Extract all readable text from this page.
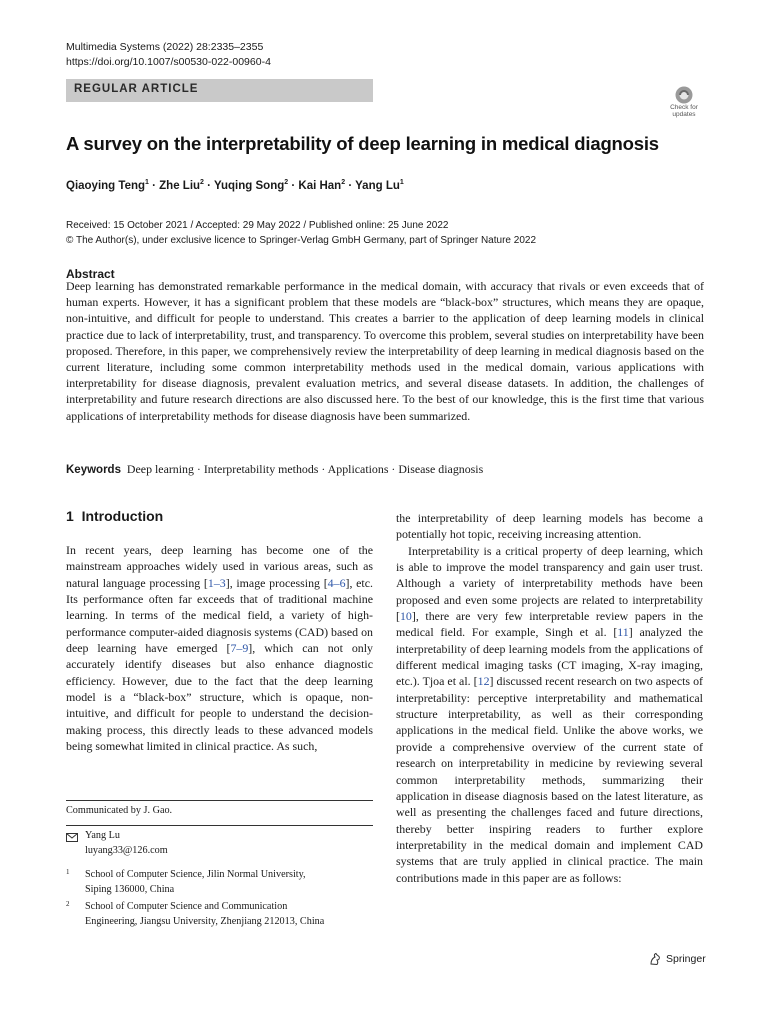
Multimedia Systems (2022) 28:2335–2355
https://doi.org/10.1007/s00530-022-00960-4
REGULAR ARTICLE
Check for
updates
A survey on the interpretability of deep learning in medical diagnosis
Qiaoying Teng$^1$ · Zhe Liu$^2$ · Yuqing Song$^2$ · Kai Han$^2$ · Yang Lu$^1$
Received: 15 October 2021 / Accepted: 29 May 2022 / Published online: 25 June 2022
© The Author(s), under exclusive licence to Springer-Verlag GmbH Germany, part of Springer Nature 2022
Abstract
Deep learning has demonstrated remarkable performance in the medical domain, with accuracy that rivals or even exceeds that of human experts. However, it has a significant problem that these models are “black-box” structures, which means they are opaque, non-intuitive, and difficult for people to understand. This creates a barrier to the application of deep learning models in clinical practice due to lack of interpretability, trust, and transparency. To overcome this problem, several studies on interpretability have been proposed. Therefore, in this paper, we comprehensively review the interpretability of deep learning in medical diagnosis based on the current literature, including some common interpretability methods used in the medical domain, various applications with interpretability for disease diagnosis, prevalent evaluation metrics, and several disease datasets. In addition, the challenges of interpretability and future research directions are also discussed here. To the best of our knowledge, this is the first time that various applications of interpretability methods for disease diagnosis have been summarized.
Keywords Deep learning · Interpretability methods · Applications · Disease diagnosis
1 Introduction

In recent years, deep learning has become one of the mainstream approaches widely used in various areas, such as natural language processing [1–3], image processing [4–6], etc. Its performance often far exceeds that of traditional machine learning. In terms of the medical field, a variety of high-performance computer-aided diagnosis systems (CAD) based on deep learning have emerged [7–9], which can not only accurately identify diseases but also enhance diagnostic efficiency. However, due to the fact that the deep learning model is a “black-box” structure, which is opaque, non-intuitive, and difficult for people to understand the decision-making process, this directly leads to these advanced models being somewhat limited in clinical practice. As such,

Communicated by J. Gao.
Yang Lu
luyang33@126.com
1 School of Computer Science, Jilin Normal University,
Siping 136000, China
2 School of Computer Science and Communication
Engineering, Jiangsu University, Zhenjiang 212013, China

the interpretability of deep learning models has become a potentially hot topic, receiving increasing attention.

Interpretability is a critical property of deep learning, which is able to improve the model transparency and gain user trust. Although a variety of interpretability methods have been proposed and even some projects are related to interpretability [10], there are very few interpretable review papers in the medical field. For example, Singh et al. [11] analyzed the interpretability of deep learning models from the applications of different medical imaging tasks (CT imaging, X-ray imaging, etc.). Tjoa et al. [12] discussed recent research on two aspects of interpretability: perceptive interpretability and mathematical structure interpretability, as well as their corresponding applications in the medical field. Unlike the above works, we provide a comprehensive overview of the current state of research on interpretability in medicine by reviewing several common interpretability methods, summarizing their application in disease diagnosis based on the latest literature, as well as presenting the challenges faced and future directions, thereby better inspiring readers to further explore interpretability in the medical domain and implement CAD systems that are truly applied in clinical practice. The main contributions made in this paper are as follows:

Springer
